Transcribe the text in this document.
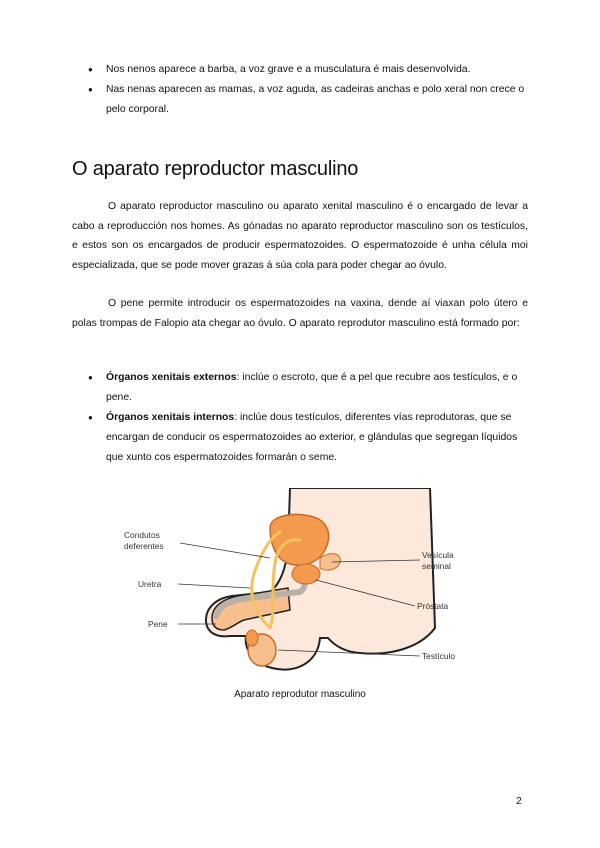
● Nos nenos aparece a barba, a voz grave e a musculatura é mais desenvolvida.
● Nas nenas aparecen as mamas, a voz aguda, as cadeiras anchas e polo xeral non crece o pelo corporal.
O aparato reproductor masculino

O aparato reproductor masculino ou aparato xenital masculino é o encargado de levar a cabo a reproducción nos homes. As gónadas no aparato reproductor masculino son os testículos, e estos son os encargados de producir espermatozoides. O espermatozoide é unha célula moi especializada, que se pode mover grazas á súa cola para poder chegar ao óvulo.

O pene permite introducir os espermatozoides na vaxina, dende aí viaxan polo útero e polas trompas de Falopio ata chegar ao óvulo. O aparato reprodutor masculino está formado por:

● Órganos xenitais externos: inclúe o escroto, que é a pel que recubre aos testículos, e o pene.
● Órganos xenitais internos: inclúe dous testículos, diferentes vías reprodutoras, que se encargan de conducir os espermatozoides ao exterior, e glándulas que segregan líquidos que xunto cos espermatozoides formarán o seme.
Condutos
deferentes
Uretra
Pene
Vesícula
seminal
Próstata
Testículo
Aparato reprodutor masculino
2
